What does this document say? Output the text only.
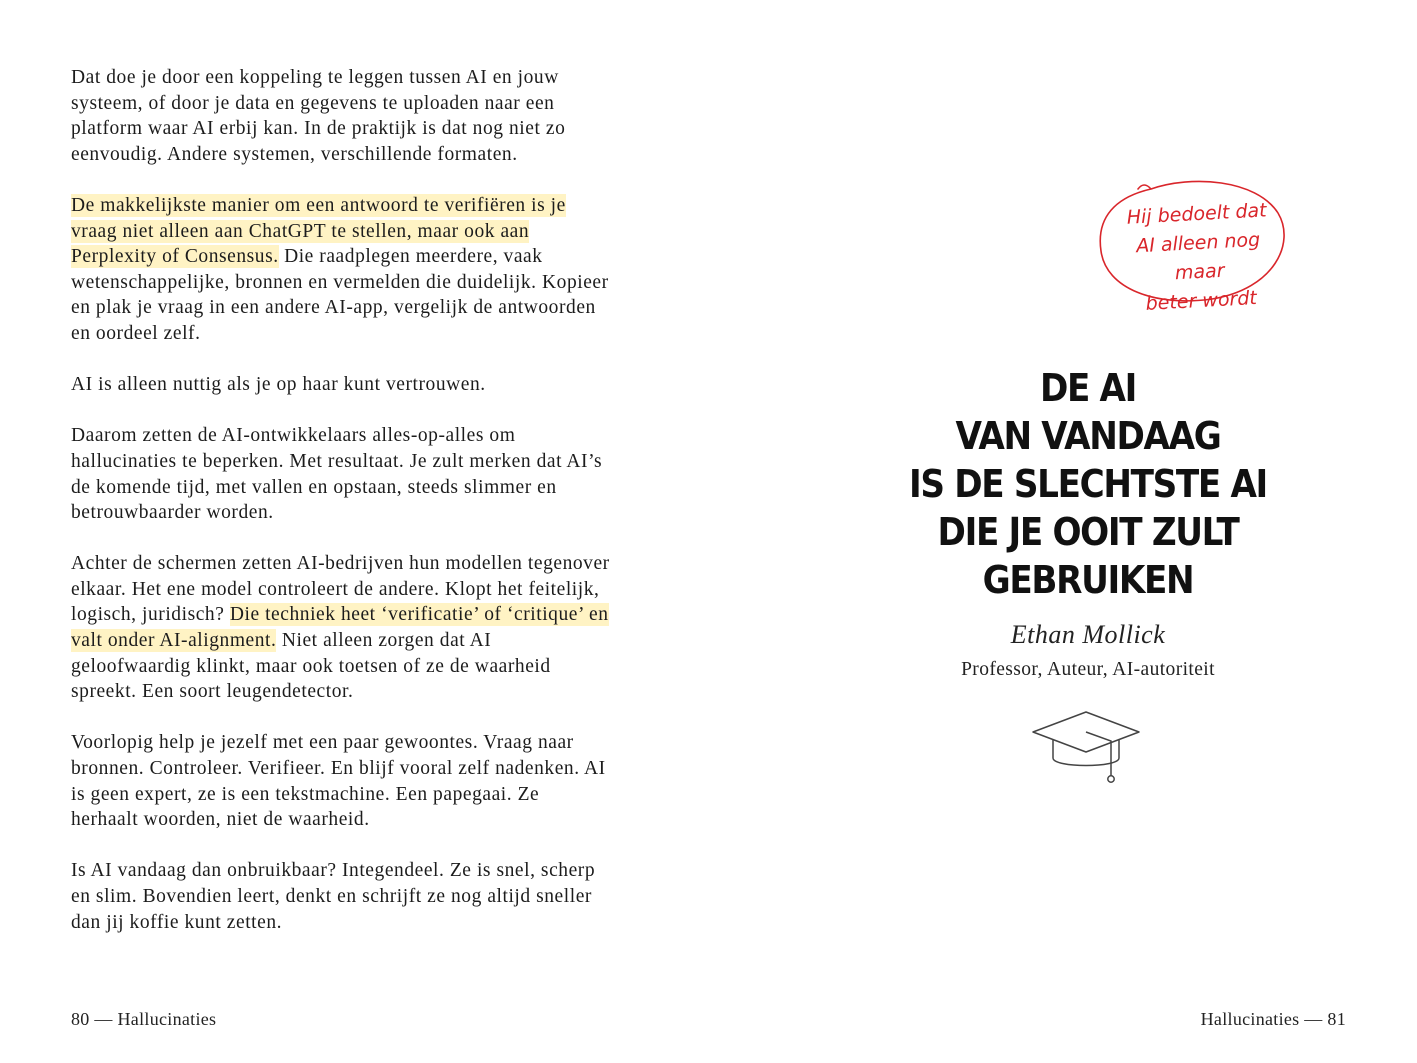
Dat doe je door een koppeling te leggen tussen AI en jouw systeem, of door je data en gegevens te uploaden naar een platform waar AI erbij kan. In de praktijk is dat nog niet zo eenvoudig. Andere systemen, verschillende formaten.

De makkelijkste manier om een antwoord te verifiëren is je vraag niet alleen aan ChatGPT te stellen, maar ook aan Perplexity of Consensus. Die raadplegen meerdere, vaak wetenschappelijke, bronnen en vermelden die duidelijk. Kopieer en plak je vraag in een andere AI-app, vergelijk de antwoorden en oordeel zelf.

AI is alleen nuttig als je op haar kunt vertrouwen.

Daarom zetten de AI-ontwikkelaars alles-op-alles om hallucinaties te beperken. Met resultaat. Je zult merken dat AI’s de komende tijd, met vallen en opstaan, steeds slimmer en betrouwbaarder worden.

Achter de schermen zetten AI-bedrijven hun modellen tegenover elkaar. Het ene model controleert de andere. Klopt het feitelijk, logisch, juridisch? Die techniek heet ‘verificatie’ of ‘critique’ en valt onder AI-alignment. Niet alleen zorgen dat AI geloofwaardig klinkt, maar ook toetsen of ze de waarheid spreekt. Een soort leugendetector.

Voorlopig help je jezelf met een paar gewoontes. Vraag naar bronnen. Controleer. Verifieer. En blijf vooral zelf nadenken. AI is geen expert, ze is een tekstmachine. Een papegaai. Ze herhaalt woorden, niet de waarheid.

Is AI vandaag dan onbruikbaar? Integendeel. Ze is snel, scherp en slim. Bovendien leert, denkt en schrijft ze nog altijd sneller dan jij koffie kunt zetten.

80 — Hallucinaties
Hij bedoelt dat
AI alleen nog maar
beter wordt
DE AI
VAN VANDAAG
IS DE SLECHTSTE AI
DIE JE OOIT ZULT
GEBRUIKEN
Ethan Mollick
Professor, Auteur, AI-autoriteit
Hallucinaties — 81
